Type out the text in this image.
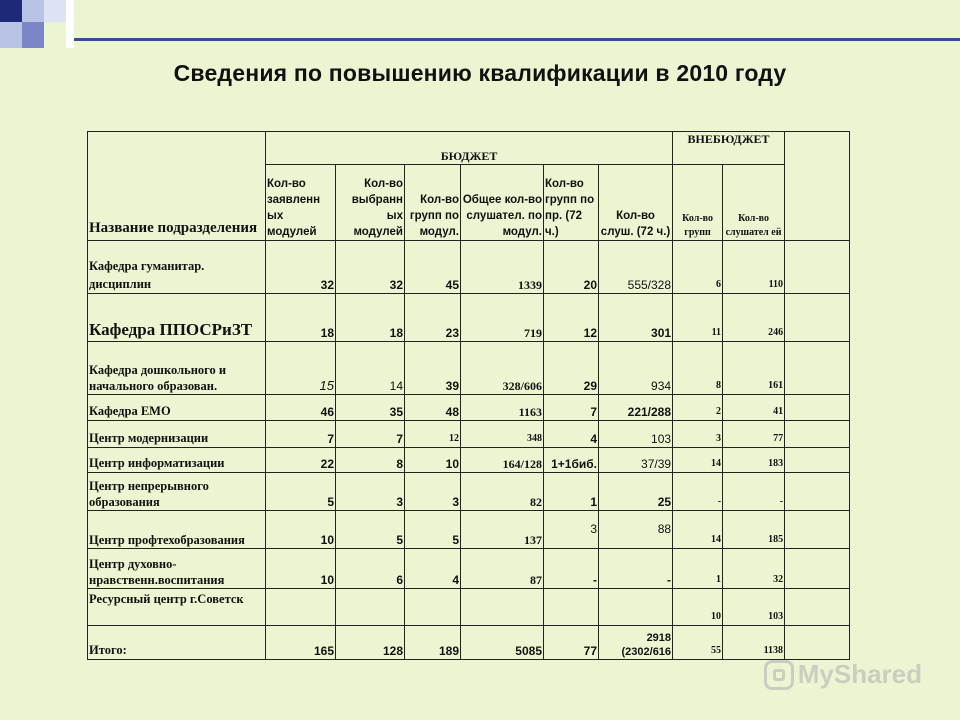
Сведения по повышению квалификации в 2010 году
Название подразделения	БЮДЖЕТ						ВНЕБЮДЖЕТ		
	Кол-во заявленн ых модулей	Кол-во выбранн ых модулей	Кол-во групп по модул.	Общее кол-во слушател. по модул.	Кол-во групп по пр. (72 ч.)	Кол-во слуш. (72 ч.)	Кол-во групп	Кол-во слушател ей	
Кафедра гуманитар. дисциплин	32	32	45	1339	20	555/328	6	110	
Кафедра ППОСРиЗТ	18	18	23	719	12	301	11	246	
Кафедра дошкольного и начального образован.	15	14	39	328/606	29	934	8	161	
Кафедра ЕМО	46	35	48	1163	7	221/288	2	41	
Центр модернизации	7	7	12	348	4	103	3	77	
Центр информатизации	22	8	10	164/128	1+1биб.	37/39	14	183	
Центр непрерывного образования	5	3	3	82	1	25	-	-	
Центр профтехобразования	10	5	5	137	3	88	14	185	
Центр духовно-нравственн.воспитания	10	6	4	87	-	-	1	32	
Ресурсный центр г.Советск							10	103	
Итого:	165	128	189	5085	77	2918 (2302/616	55	1138	
MyShared
